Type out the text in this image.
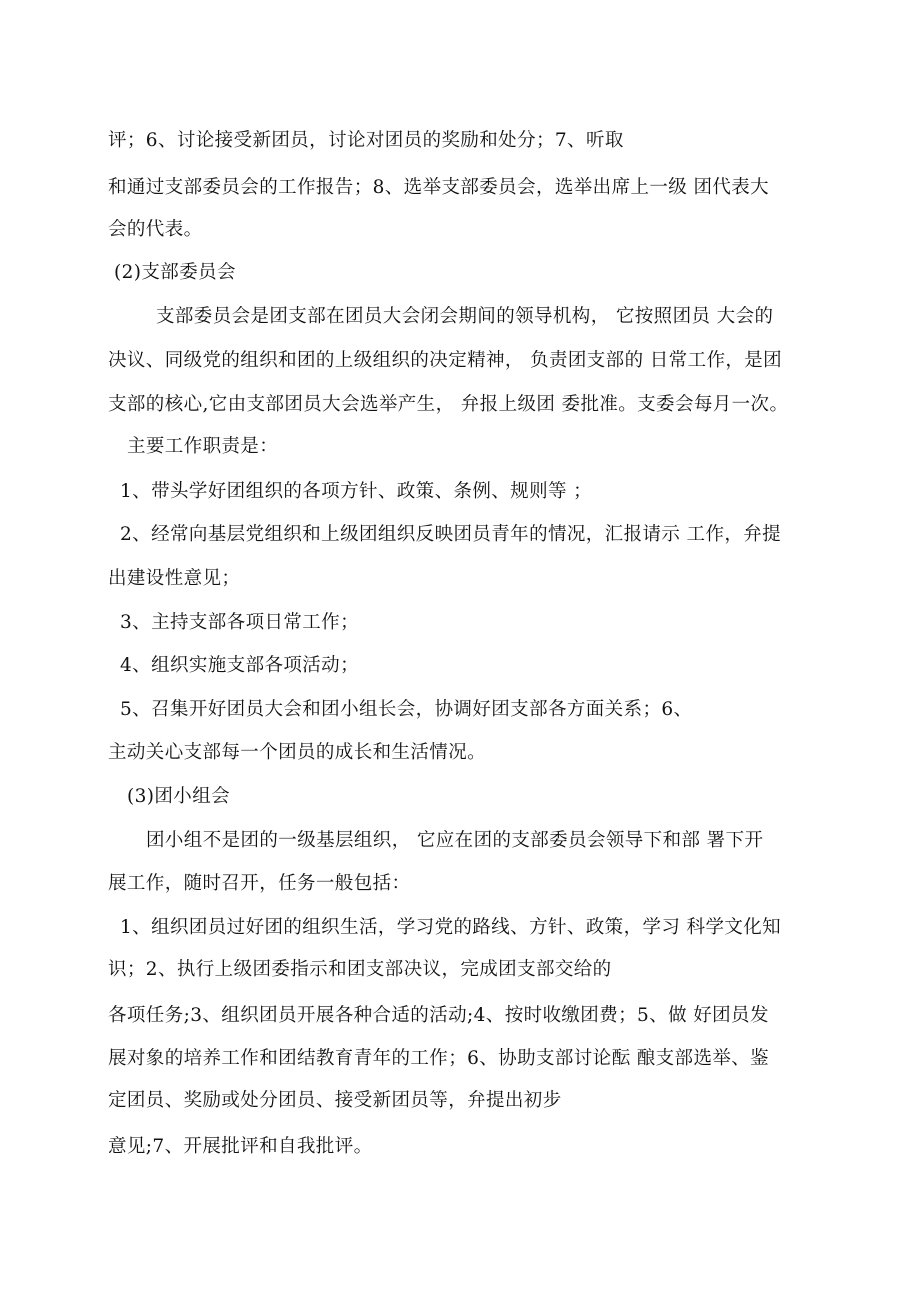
评；6、讨论接受新团员，讨论对团员的奖励和处分；7、听取
和通过支部委员会的工作报告；8、选举支部委员会，选举出席上一级 团代表大
会的代表。
(2)支部委员会
支部委员会是团支部在团员大会闭会期间的领导机构， 它按照团员 大会的
决议、同级党的组织和团的上级组织的决定精神， 负责团支部的 日常工作，是团
支部的核心,它由支部团员大会选举产生， 弁报上级团 委批准。支委会每月一次。
主要工作职责是：
1、带头学好团组织的各项方针、政策、条例、规则等 ；
2、经常向基层党组织和上级团组织反映团员青年的情况，汇报请示 工作，弁提
出建设性意见；
3、主持支部各项日常工作；
4、组织实施支部各项活动；
5、召集开好团员大会和团小组长会，协调好团支部各方面关系；6、
主动关心支部每一个团员的成长和生活情况。
(3)团小组会
团小组不是团的一级基层组织， 它应在团的支部委员会领导下和部 署下开
展工作，随时召开，任务一般包括：
1、组织团员过好团的组织生活，学习党的路线、方针、政策，学习 科学文化知
识；2、执行上级团委指示和团支部决议，完成团支部交给的
各项任务;3、组织团员开展各种合适的活动;4、按时收缴团费；5、做 好团员发
展对象的培养工作和团结教育青年的工作；6、协助支部讨论酝 酿支部选举、鉴
定团员、奖励或处分团员、接受新团员等，弁提出初步
意见;7、开展批评和自我批评。
